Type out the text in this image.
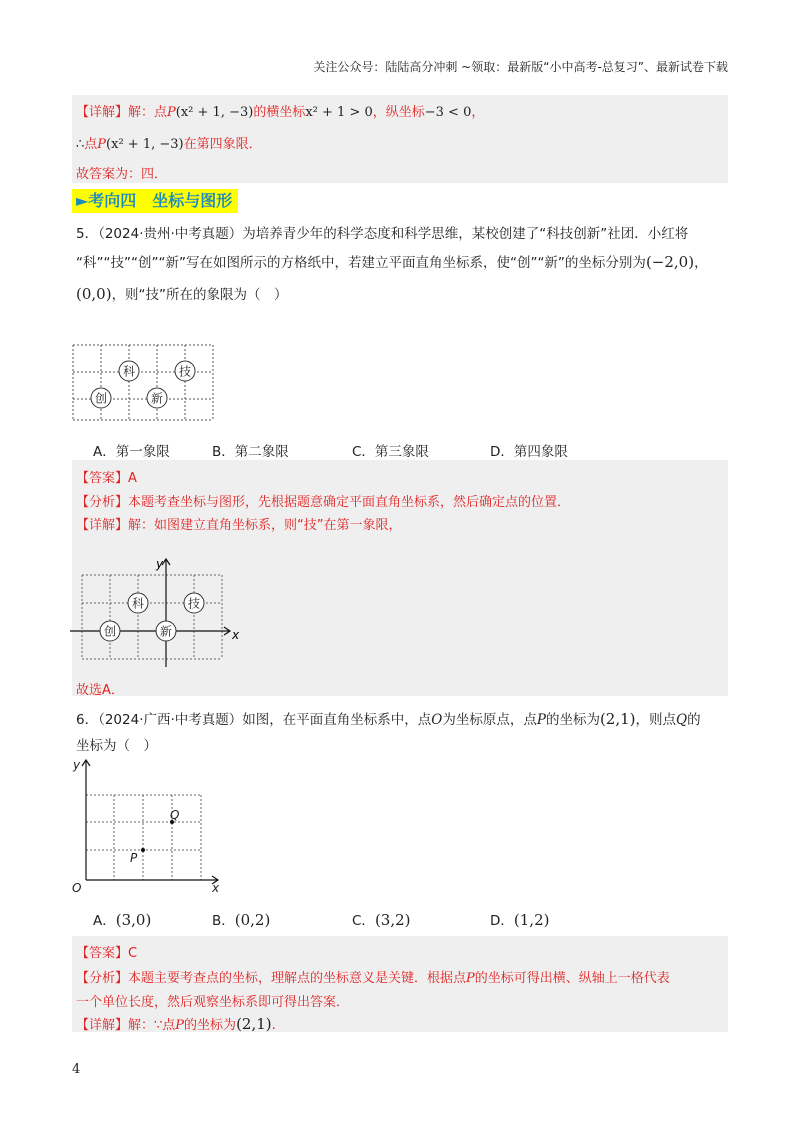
关注公众号：陆陆高分冲刺 ~领取：最新版“小中高考-总复习”、最新试卷下载
【详解】解：点P(x² + 1, −3)的横坐标x² + 1 > 0，纵坐标−3 < 0，
∴点P(x² + 1, −3)在第四象限．
故答案为：四．
►考向四　坐标与图形
5．（2024·贵州·中考真题）为培养青少年的科学态度和科学思维，某校创建了“科技创新”社团．小红将
“科”“技”“创”“新”写在如图所示的方格纸中，若建立平面直角坐标系，使“创”“新”的坐标分别为(−2,0)，
(0,0)，则“技”所在的象限为（　）
科	技
创	新
A．第一象限	B．第二象限	C．第三象限	D．第四象限
【答案】A
【分析】本题考查坐标与图形，先根据题意确定平面直角坐标系，然后确定点的位置．
【详解】解：如图建立直角坐标系，则“技”在第一象限，
科	技
创	新	x
y
故选A．
6．（2024·广西·中考真题）如图，在平面直角坐标系中，点O为坐标原点，点P的坐标为(2,1)，则点Q的
坐标为（　）
P
Q
O	x
y
A．(3,0)	B．(0,2)	C．(3,2)	D．(1,2)
【答案】C
【分析】本题主要考查点的坐标，理解点的坐标意义是关键．根据点P的坐标可得出横、纵轴上一格代表
一个单位长度，然后观察坐标系即可得出答案．
【详解】解：∵点P的坐标为(2,1).
4
